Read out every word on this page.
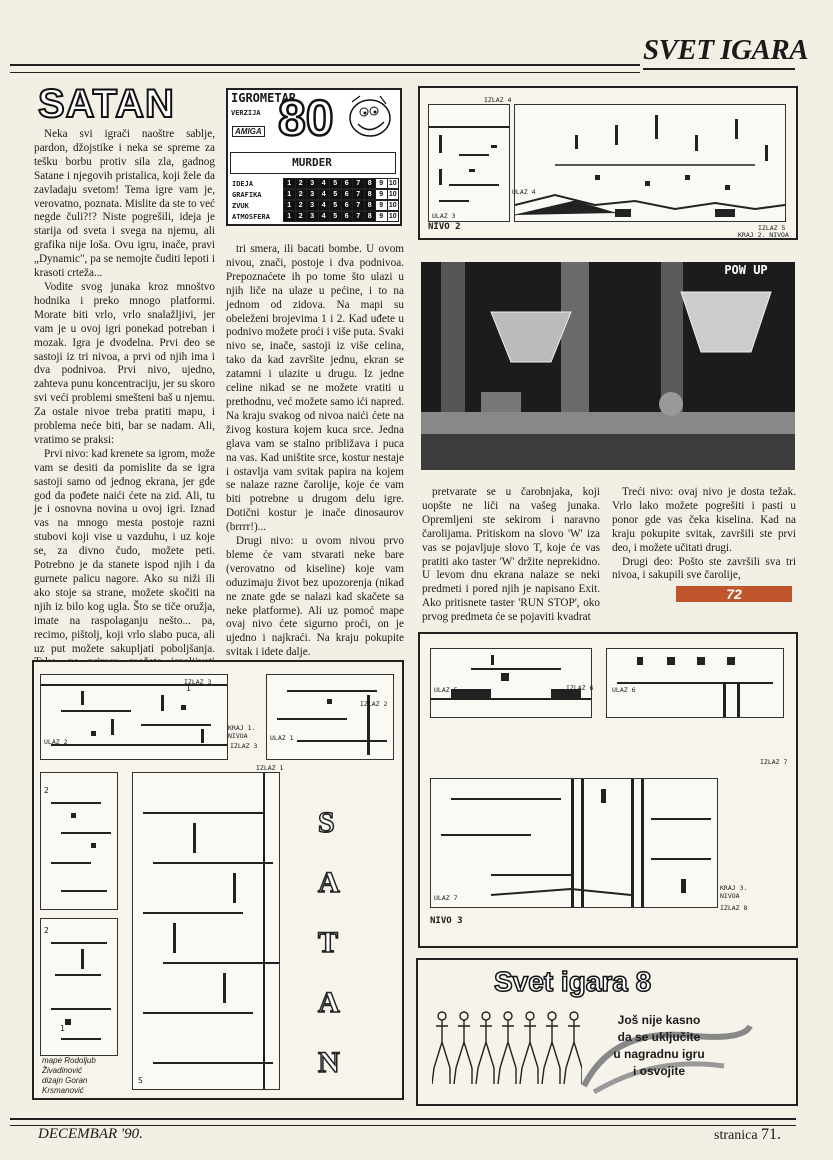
SVET IGARA
SATAN	IGROMETAR
VERZIJA
AMIGA 80
MURDER
IDEJA	1	2	3	4	5	6	7	8	9 10
GRAFIKA	1	2	3	4	5	6	7	8	9 10
ZVUK	1	2	3	4	5	6	7	8	9 10
ATMOSFERA	1	2	3	4	5	6	7	8	9 10

Neka svi igrači naoštre sablje, pardon, džojstike i neka se spreme za tešku borbu protiv sila zla, gadnog Satane i njegovih pristalica, koji žele da zavladaju svetom! Tema igre vam je, verovatno, poznata. Mislite da ste to već negde čuli?!? Niste pogrešili, ideja je starija od sveta i svega na njemu, ali grafika nije loša. Ovu igru, inače, pravi „Dynamic", pa se nemojte čuditi lepoti i krasoti crteža...

Vodite svog junaka kroz mnoštvo hodnika i preko mnogo platformi. Morate biti vrlo, vrlo snalažljivi, jer vam je u ovoj igri ponekad potreban i mozak. Igra je dvodelna. Prvi deo se sastoji iz tri nivoa, a prvi od njih ima i dva podnivoa. Prvi nivo, ujedno, zahteva punu koncentraciju, jer su skoro svi veći problemi smešteni baš u njemu. Za ostale nivoe treba pratiti mapu, i problema neće biti, bar se nadam. Ali, vratimo se praksi:

Prvi nivo: kad krenete sa igrom, može vam se desiti da pomislite da se igra sastoji samo od jednog ekrana, jer gde god da pođete naići ćete na zid. Ali, tu je i osnovna novina u ovoj igri. Iznad vas na mnogo mesta postoje razni stubovi koji vise u vazduhu, i uz koje se, za divno čudo, možete peti. Potrebno je da stanete ispod njih i da gurnete palicu nagore. Ako su niži ili ako stoje sa strane, možete skočiti na njih iz bilo kog ugla. Što se tiče oružja, imate na raspolaganju nešto... pa, recimo, pištolj, koji vrlo slabo puca, ali uz put možete sakupljati poboljšanja.

tri smera, ili bacati bombe. U ovom nivou, znači, postoje i dva podnivoa. Prepoznaćete ih po tome što ulazi u njih liče na ulaze u pećine, i to na jednom od zidova. Na mapi su obeleženi brojevima 1 i 2. Kad uđete u podnivo možete proći i više puta. Svaki nivo se, inače, sastoji iz više celina, tako da kad završite jednu, ekran se zatamni i ulazite u drugu. Iz jedne celine nikad se ne možete vratiti u prethodnu, već možete samo ići napred. Na kraju svakog od nivoa naići ćete na živog kostura kojem kuca srce. Jedna glava vam se stalno približava i puca na vas. Kad uništite srce, kostur nestaje i ostavlja vam svitak papira na kojem se nalaze razne čarolije, koje će vam biti potrebne u drugom delu igre. Dotični kostur je inače dinosaurov (brrrr!)...

Drugi nivo: u ovom nivou prvo bleme će vam stvarati neke bare (verovatno od kiseline) koje vam oduzimaju život bez upozorenja (nikad ne znate gde se nalazi kad skačete sa neke platforme). Ali uz pomoć mape ovaj nivo ćete sigurno proći, on je ujedno i najkraći. Na kraju pokupite svitak i idete dalje.

pretvarate se u čarobnjaka, koji uopšte ne liči na vašeg junaka. Opremljeni ste sekirom i naravno čarolijama. Pritiskom na slovo 'W' iza vas se pojavljuje slovo T, koje će vas pratiti ako taster 'W' držite neprekidno. U levom dnu ekrana nalaze se neki predmeti i pored njih je napisano Exit. Ako pritisnete taster 'RUN STOP', oko prvog predmeta će se pojaviti kvadrat

Treći nivo: ovaj nivo je dosta težak. Vrlo lako možete pogrešiti i pasti u ponor gde vas čeka kiselina. Kad na kraju pokupite svitak, završili ste prvi deo, i možete učitati drugi.

Drugi deo: Pošto ste završili sva tri nivoa, i sakupili sve čarolije,

IZLAZ 4
ULAZ 4
ULAZ 3
IZLAZ 5
KRAJ 2. NIVOA
NIVO 2
POW UP
72
IZLAZ 3
ULAZ 2
KRAJ 1. NIVOA
IZLAZ 3
ULAZ 1
IZLAZ 2
IZLAZ 1
1
2
2
1
S
mape Rodoljub
Živadinović
dizajn Goran
Krsmanović
S
A
T
A
N
ULAZ 5	IZLAZ 6	ULAZ 6
IZLAZ 7
ULAZ 7
KRAJ 3. NIVOA
IZLAZ 8
NIVO 3
Svet igara 8
Još nije kasno
da se uključite
u nagradnu igru
i osvojite
DECEMBAR '90.	stranica 71.
